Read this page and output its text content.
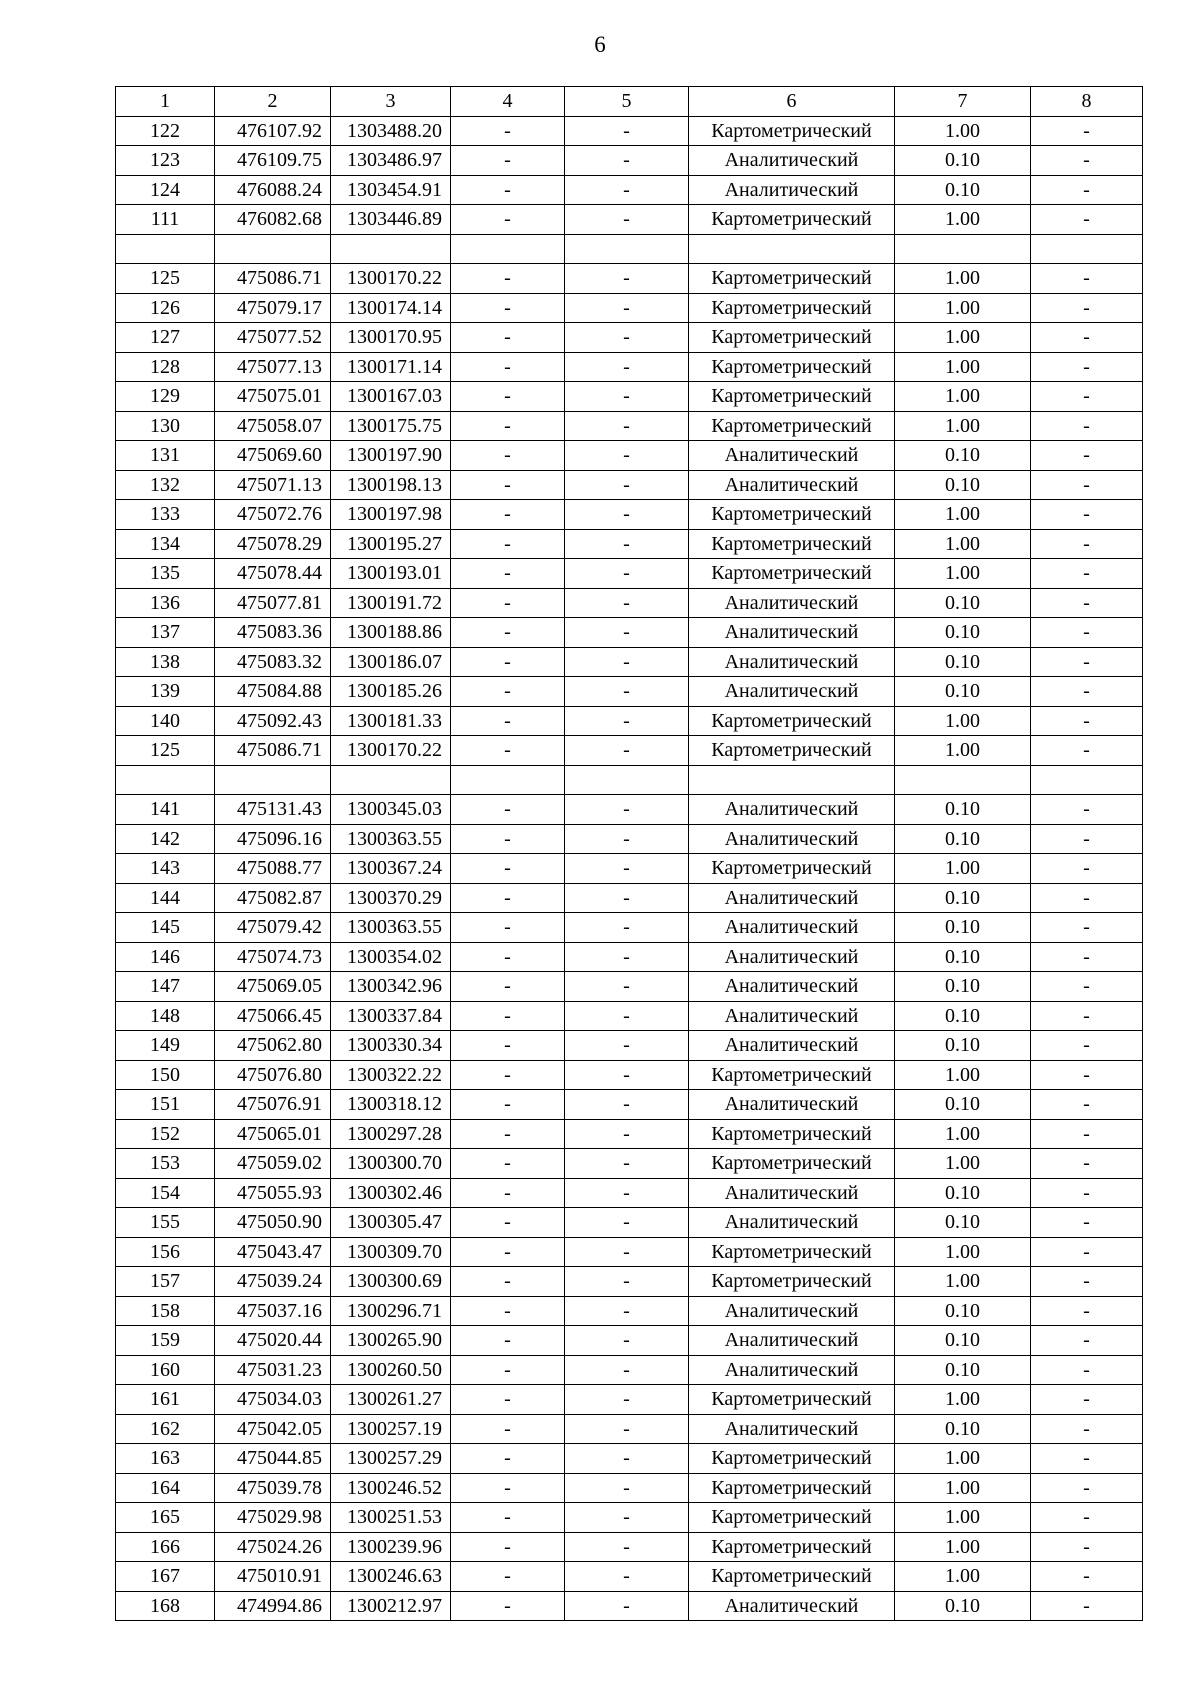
6
1	2	3	4	5	6	7	8
122	476107.92	1303488.20	-	-	Картометрический	1.00	-
123	476109.75	1303486.97	-	-	Аналитический	0.10	-
124	476088.24	1303454.91	-	-	Аналитический	0.10	-
111	476082.68	1303446.89	-	-	Картометрический	1.00	-

125	475086.71	1300170.22	-	-	Картометрический	1.00	-
126	475079.17	1300174.14	-	-	Картометрический	1.00	-
127	475077.52	1300170.95	-	-	Картометрический	1.00	-
128	475077.13	1300171.14	-	-	Картометрический	1.00	-
129	475075.01	1300167.03	-	-	Картометрический	1.00	-
130	475058.07	1300175.75	-	-	Картометрический	1.00	-
131	475069.60	1300197.90	-	-	Аналитический	0.10	-
132	475071.13	1300198.13	-	-	Аналитический	0.10	-
133	475072.76	1300197.98	-	-	Картометрический	1.00	-
134	475078.29	1300195.27	-	-	Картометрический	1.00	-
135	475078.44	1300193.01	-	-	Картометрический	1.00	-
136	475077.81	1300191.72	-	-	Аналитический	0.10	-
137	475083.36	1300188.86	-	-	Аналитический	0.10	-
138	475083.32	1300186.07	-	-	Аналитический	0.10	-
139	475084.88	1300185.26	-	-	Аналитический	0.10	-
140	475092.43	1300181.33	-	-	Картометрический	1.00	-
125	475086.71	1300170.22	-	-	Картометрический	1.00	-

141	475131.43	1300345.03	-	-	Аналитический	0.10	-
142	475096.16	1300363.55	-	-	Аналитический	0.10	-
143	475088.77	1300367.24	-	-	Картометрический	1.00	-
144	475082.87	1300370.29	-	-	Аналитический	0.10	-
145	475079.42	1300363.55	-	-	Аналитический	0.10	-
146	475074.73	1300354.02	-	-	Аналитический	0.10	-
147	475069.05	1300342.96	-	-	Аналитический	0.10	-
148	475066.45	1300337.84	-	-	Аналитический	0.10	-
149	475062.80	1300330.34	-	-	Аналитический	0.10	-
150	475076.80	1300322.22	-	-	Картометрический	1.00	-
151	475076.91	1300318.12	-	-	Аналитический	0.10	-
152	475065.01	1300297.28	-	-	Картометрический	1.00	-
153	475059.02	1300300.70	-	-	Картометрический	1.00	-
154	475055.93	1300302.46	-	-	Аналитический	0.10	-
155	475050.90	1300305.47	-	-	Аналитический	0.10	-
156	475043.47	1300309.70	-	-	Картометрический	1.00	-
157	475039.24	1300300.69	-	-	Картометрический	1.00	-
158	475037.16	1300296.71	-	-	Аналитический	0.10	-
159	475020.44	1300265.90	-	-	Аналитический	0.10	-
160	475031.23	1300260.50	-	-	Аналитический	0.10	-
161	475034.03	1300261.27	-	-	Картометрический	1.00	-
162	475042.05	1300257.19	-	-	Аналитический	0.10	-
163	475044.85	1300257.29	-	-	Картометрический	1.00	-
164	475039.78	1300246.52	-	-	Картометрический	1.00	-
165	475029.98	1300251.53	-	-	Картометрический	1.00	-
166	475024.26	1300239.96	-	-	Картометрический	1.00	-
167	475010.91	1300246.63	-	-	Картометрический	1.00	-
168	474994.86	1300212.97	-	-	Аналитический	0.10	-
